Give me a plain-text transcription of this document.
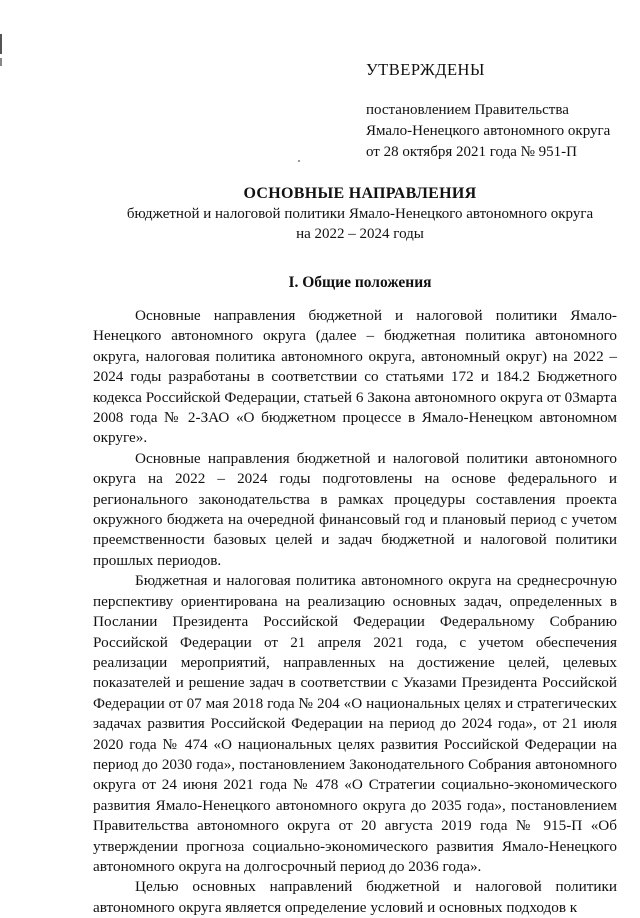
УТВЕРЖДЕНЫ
постановлением Правительства
Ямало-Ненецкого автономного округа
от 28 октября 2021 года № 951-П
ОСНОВНЫЕ НАПРАВЛЕНИЯ
бюджетной и налоговой политики Ямало-Ненецкого автономного округа
на 2022 – 2024 годы
I. Общие положения

Основные направления бюджетной и налоговой политики Ямало-Ненецкого автономного округа (далее – бюджетная политика автономного округа, налоговая политика автономного округа, автономный округ) на 2022 – 2024 годы разработаны в соответствии со статьями 172 и 184.2 Бюджетного кодекса Российской Федерации, статьей 6 Закона автономного округа от 03марта 2008 года № 2-ЗАО «О бюджетном процессе в Ямало-Ненецком автономном округе».

Основные направления бюджетной и налоговой политики автономного округа на 2022 – 2024 годы подготовлены на основе федерального и регионального законодательства в рамках процедуры составления проекта окружного бюджета на очередной финансовый год и плановый период с учетом преемственности базовых целей и задач бюджетной и налоговой политики прошлых периодов.

Бюджетная и налоговая политика автономного округа на среднесрочную перспективу ориентирована на реализацию основных задач, определенных в Послании Президента Российской Федерации Федеральному Собранию Российской Федерации от 21 апреля 2021 года, с учетом обеспечения реализации мероприятий, направленных на достижение целей, целевых показателей и решение задач в соответствии с Указами Президента Российской Федерации от 07 мая 2018 года № 204 «О национальных целях и стратегических задачах развития Российской Федерации на период до 2024 года», от 21 июля 2020 года № 474 «О национальных целях развития Российской Федерации на период до 2030 года», постановлением Законодательного Собрания автономного округа от 24 июня 2021 года № 478 «О Стратегии социально-экономического развития Ямало-Ненецкого автономного округа до 2035 года», постановлением Правительства автономного округа от 20 августа 2019 года № 915-П «Об утверждении прогноза социально-экономического развития Ямало-Ненецкого автономного округа на долгосрочный период до 2036 года».

Целью основных направлений бюджетной и налоговой политики автономного округа является определение условий и основных подходов к
